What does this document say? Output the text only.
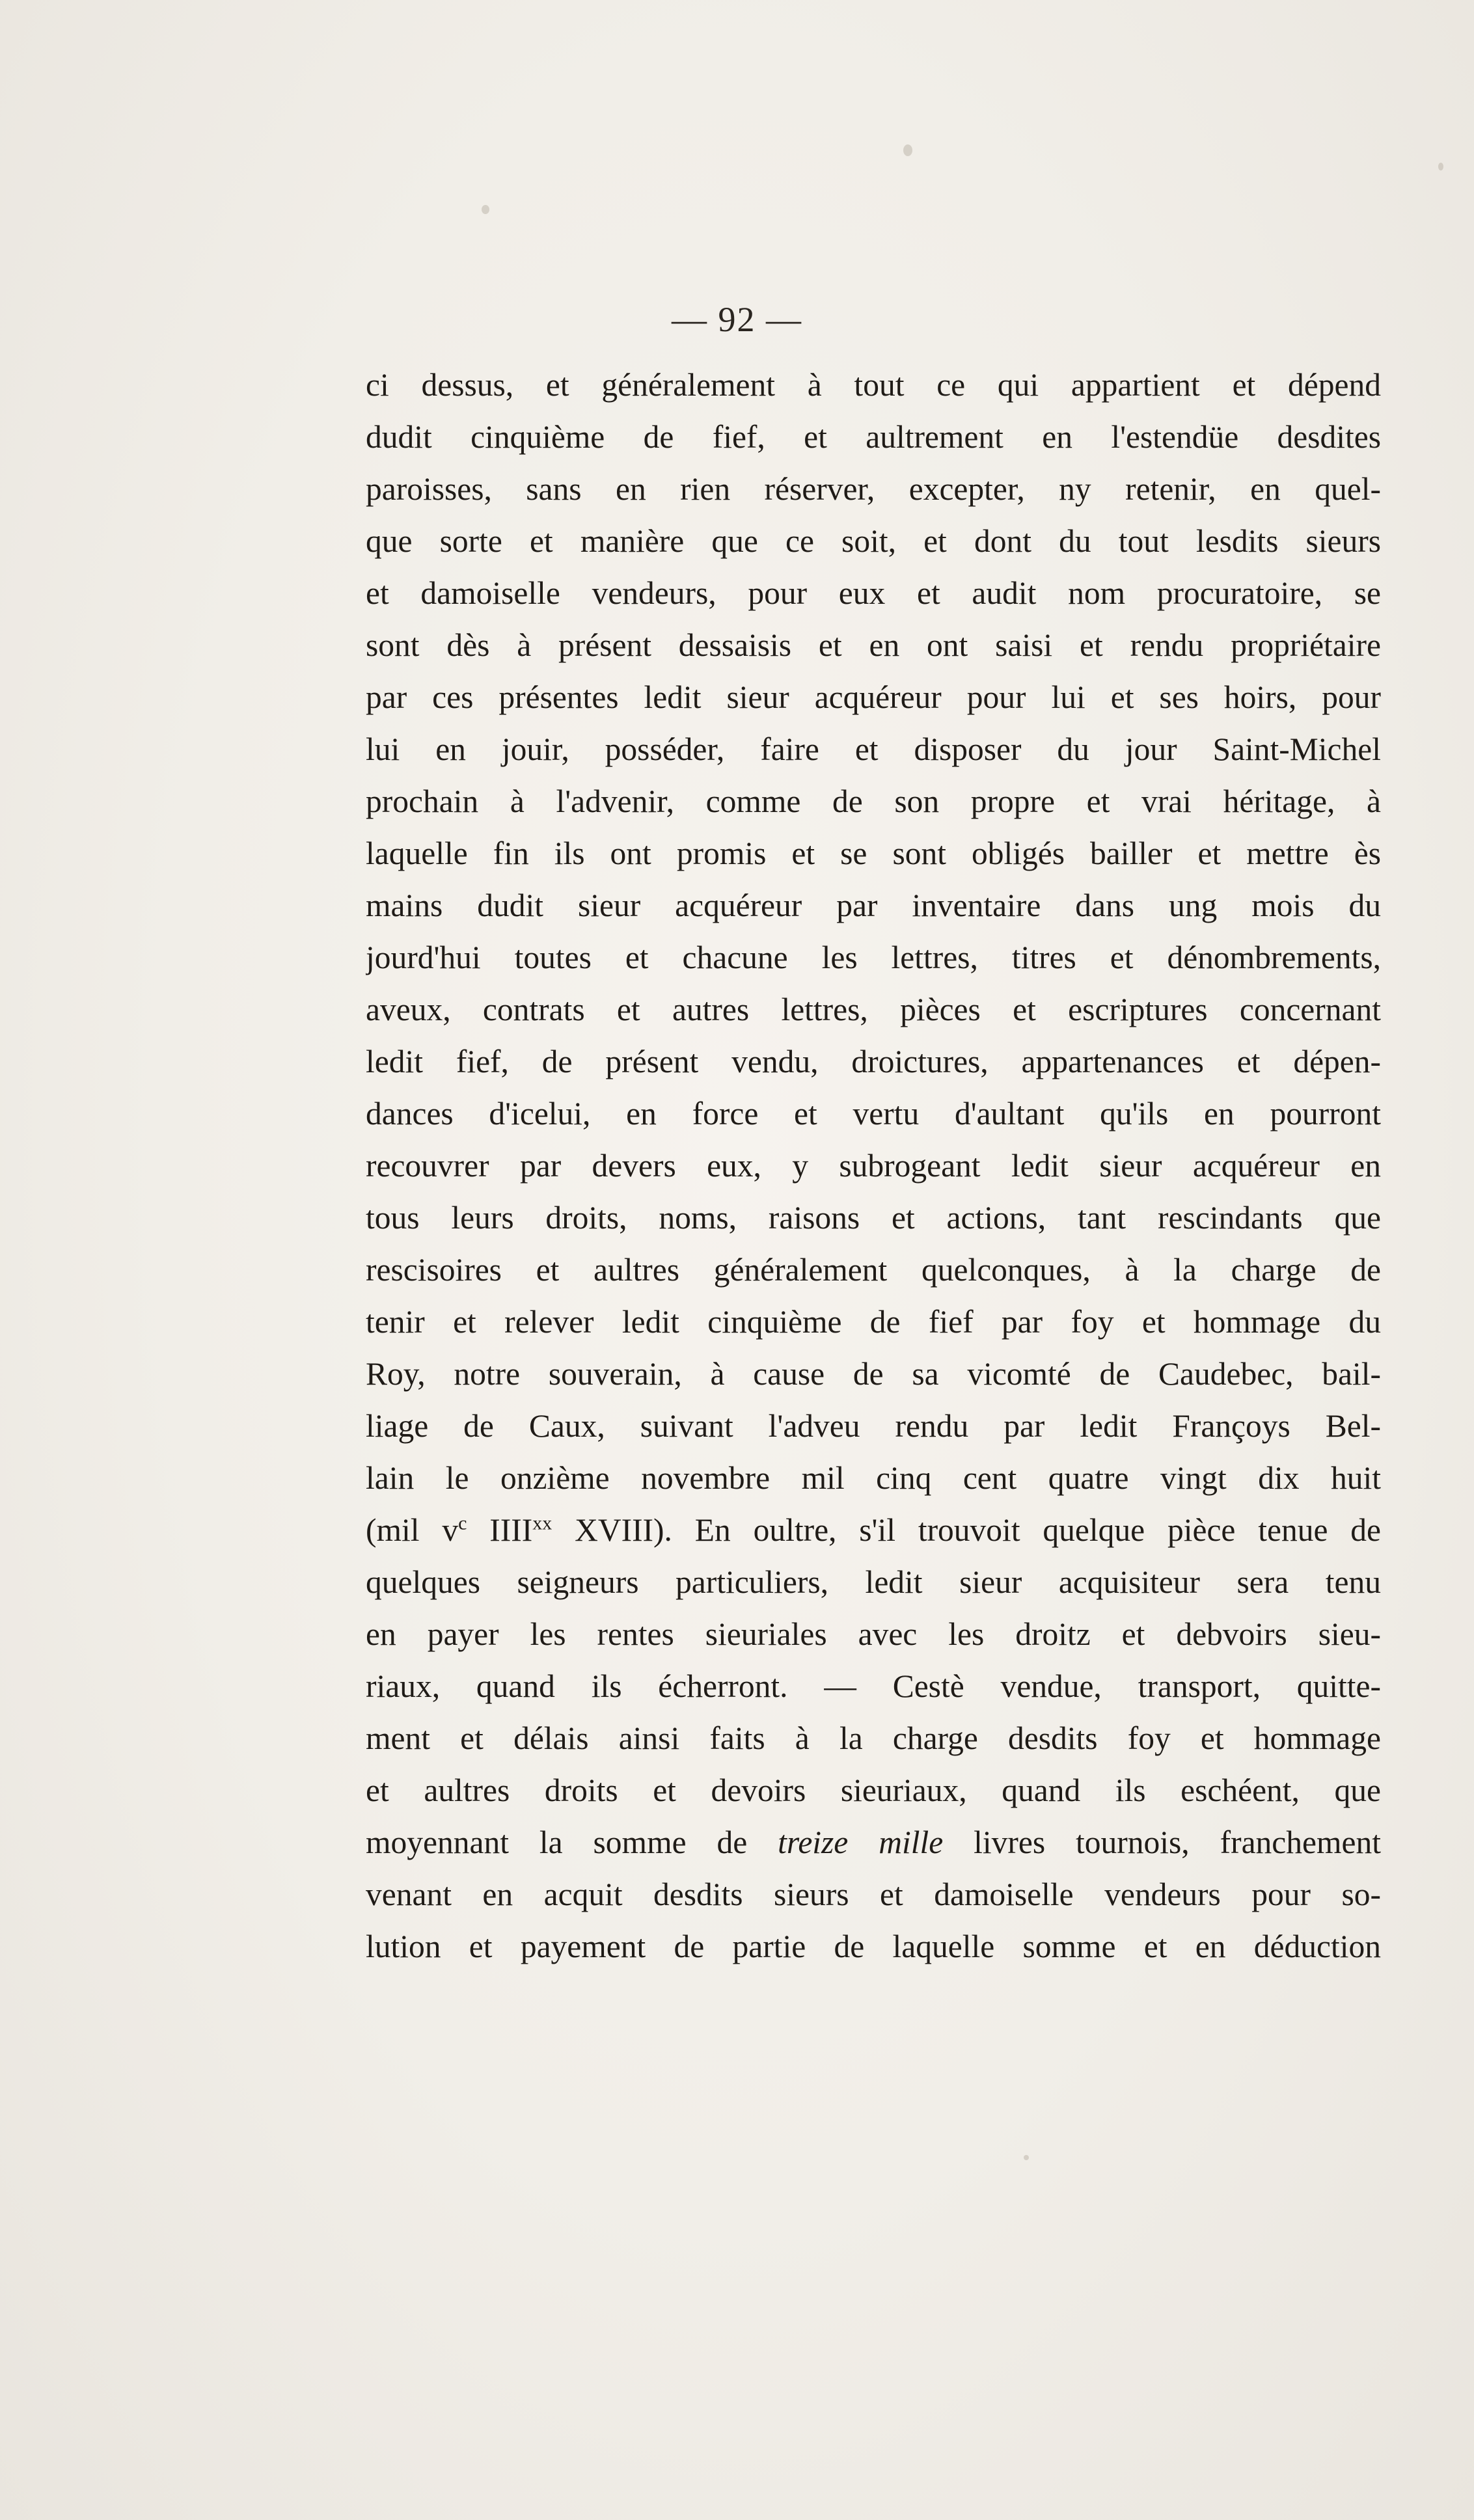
— 92 —
ci dessus, et généralement à tout ce qui appartient et dépend
dudit cinquième de fief, et aultrement en l'estendüe desdites
paroisses, sans en rien réserver, excepter, ny retenir, en quel-
que sorte et manière que ce soit, et dont du tout lesdits sieurs
et damoiselle vendeurs, pour eux et audit nom procuratoire, se
sont dès à présent dessaisis et en ont saisi et rendu propriétaire
par ces présentes ledit sieur acquéreur pour lui et ses hoirs, pour
lui en jouir, posséder, faire et disposer du jour Saint-Michel
prochain à l'advenir, comme de son propre et vrai héritage, à
laquelle fin ils ont promis et se sont obligés bailler et mettre ès
mains dudit sieur acquéreur par inventaire dans ung mois du
jourd'hui toutes et chacune les lettres, titres et dénombrements,
aveux, contrats et autres lettres, pièces et escriptures concernant
ledit fief, de présent vendu, droictures, appartenances et dépen-
dances d'icelui, en force et vertu d'aultant qu'ils en pourront
recouvrer par devers eux, y subrogeant ledit sieur acquéreur en
tous leurs droits, noms, raisons et actions, tant rescindants que
rescisoires et aultres généralement quelconques, à la charge de
tenir et relever ledit cinquième de fief par foy et hommage du
Roy, notre souverain, à cause de sa vicomté de Caudebec, bail-
liage de Caux, suivant l'adveu rendu par ledit Françoys Bel-
lain le onzième novembre mil cinq cent quatre vingt dix huit
(mil $v^c$ IIII$^{xx}$ XVIII). En oultre, s'il trouvoit quelque pièce tenue de
quelques seigneurs particuliers, ledit sieur acquisiteur sera tenu
en payer les rentes sieuriales avec les droitz et debvoirs sieu-
riaux, quand ils écherront. — Cestè vendue, transport, quitte-
ment et délais ainsi faits à la charge desdits foy et hommage
et aultres droits et devoirs sieuriaux, quand ils eschéent, que
moyennant la somme de treize mille livres tournois, franchement
venant en acquit desdits sieurs et damoiselle vendeurs pour so-
lution et payement de partie de laquelle somme et en déduction
